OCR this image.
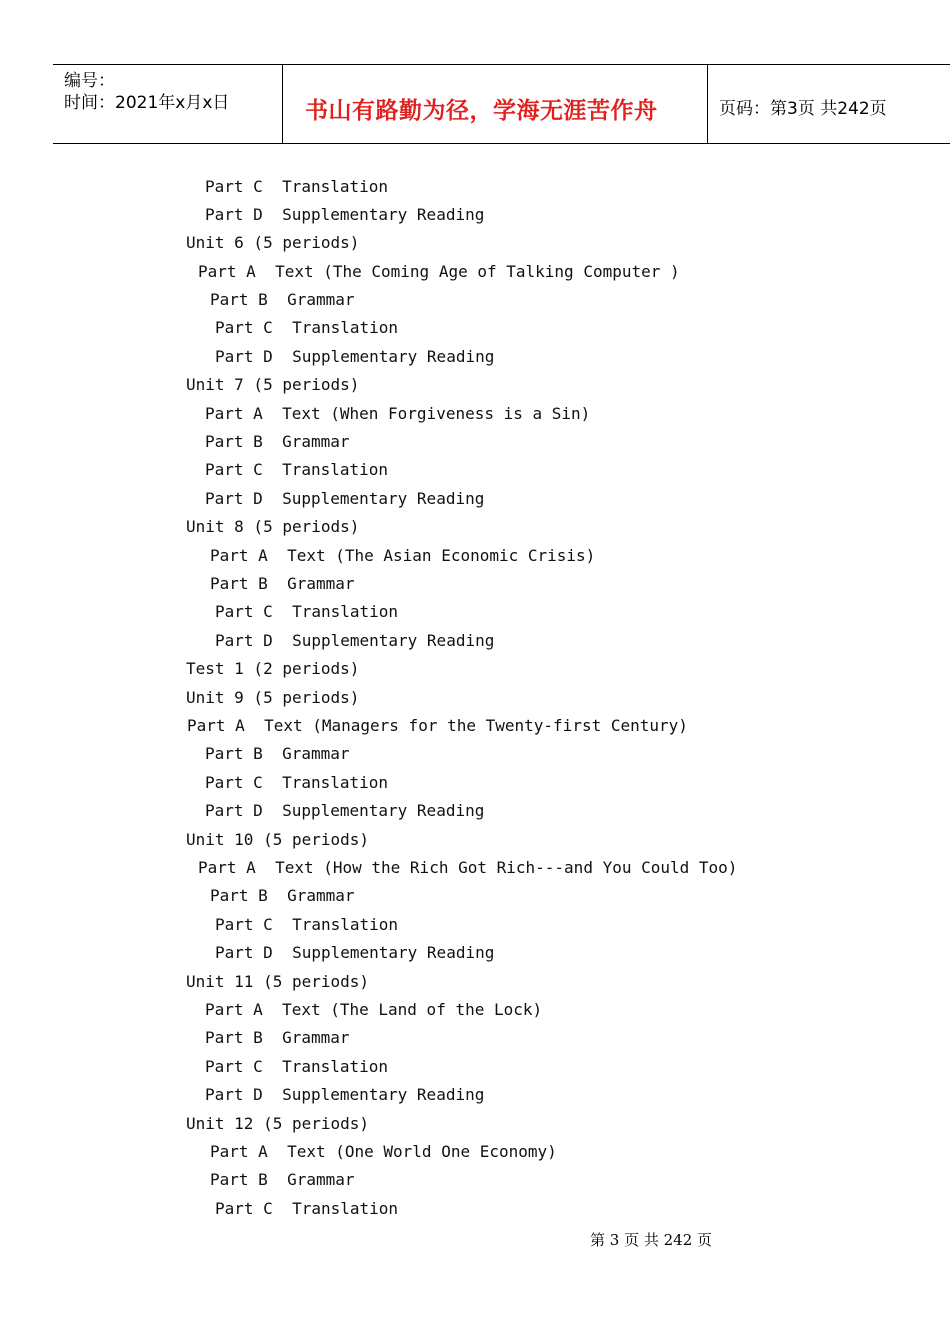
编号：
时间：2021年x月x日	书山有路勤为径，学海无涯苦作舟	页码：第3页 共242页
Part C  Translation
Part D  Supplementary Reading
Unit 6 (5 periods)
Part A  Text (The Coming Age of Talking Computer )
Part B  Grammar
Part C  Translation
Part D  Supplementary Reading
Unit 7 (5 periods)
Part A  Text (When Forgiveness is a Sin)
Part B  Grammar
Part C  Translation
Part D  Supplementary Reading
Unit 8 (5 periods)
Part A  Text (The Asian Economic Crisis)
Part B  Grammar
Part C  Translation
Part D  Supplementary Reading
Test 1 (2 periods)
Unit 9 (5 periods)
Part A  Text (Managers for the Twenty-first Century)
Part B  Grammar
Part C  Translation
Part D  Supplementary Reading
Unit 10 (5 periods)
Part A  Text (How the Rich Got Rich---and You Could Too)
Part B  Grammar
Part C  Translation
Part D  Supplementary Reading
Unit 11 (5 periods)
Part A  Text (The Land of the Lock)
Part B  Grammar
Part C  Translation
Part D  Supplementary Reading
Unit 12 (5 periods)
Part A  Text (One World One Economy)
Part B  Grammar
Part C  Translation
第 3 页 共 242 页
